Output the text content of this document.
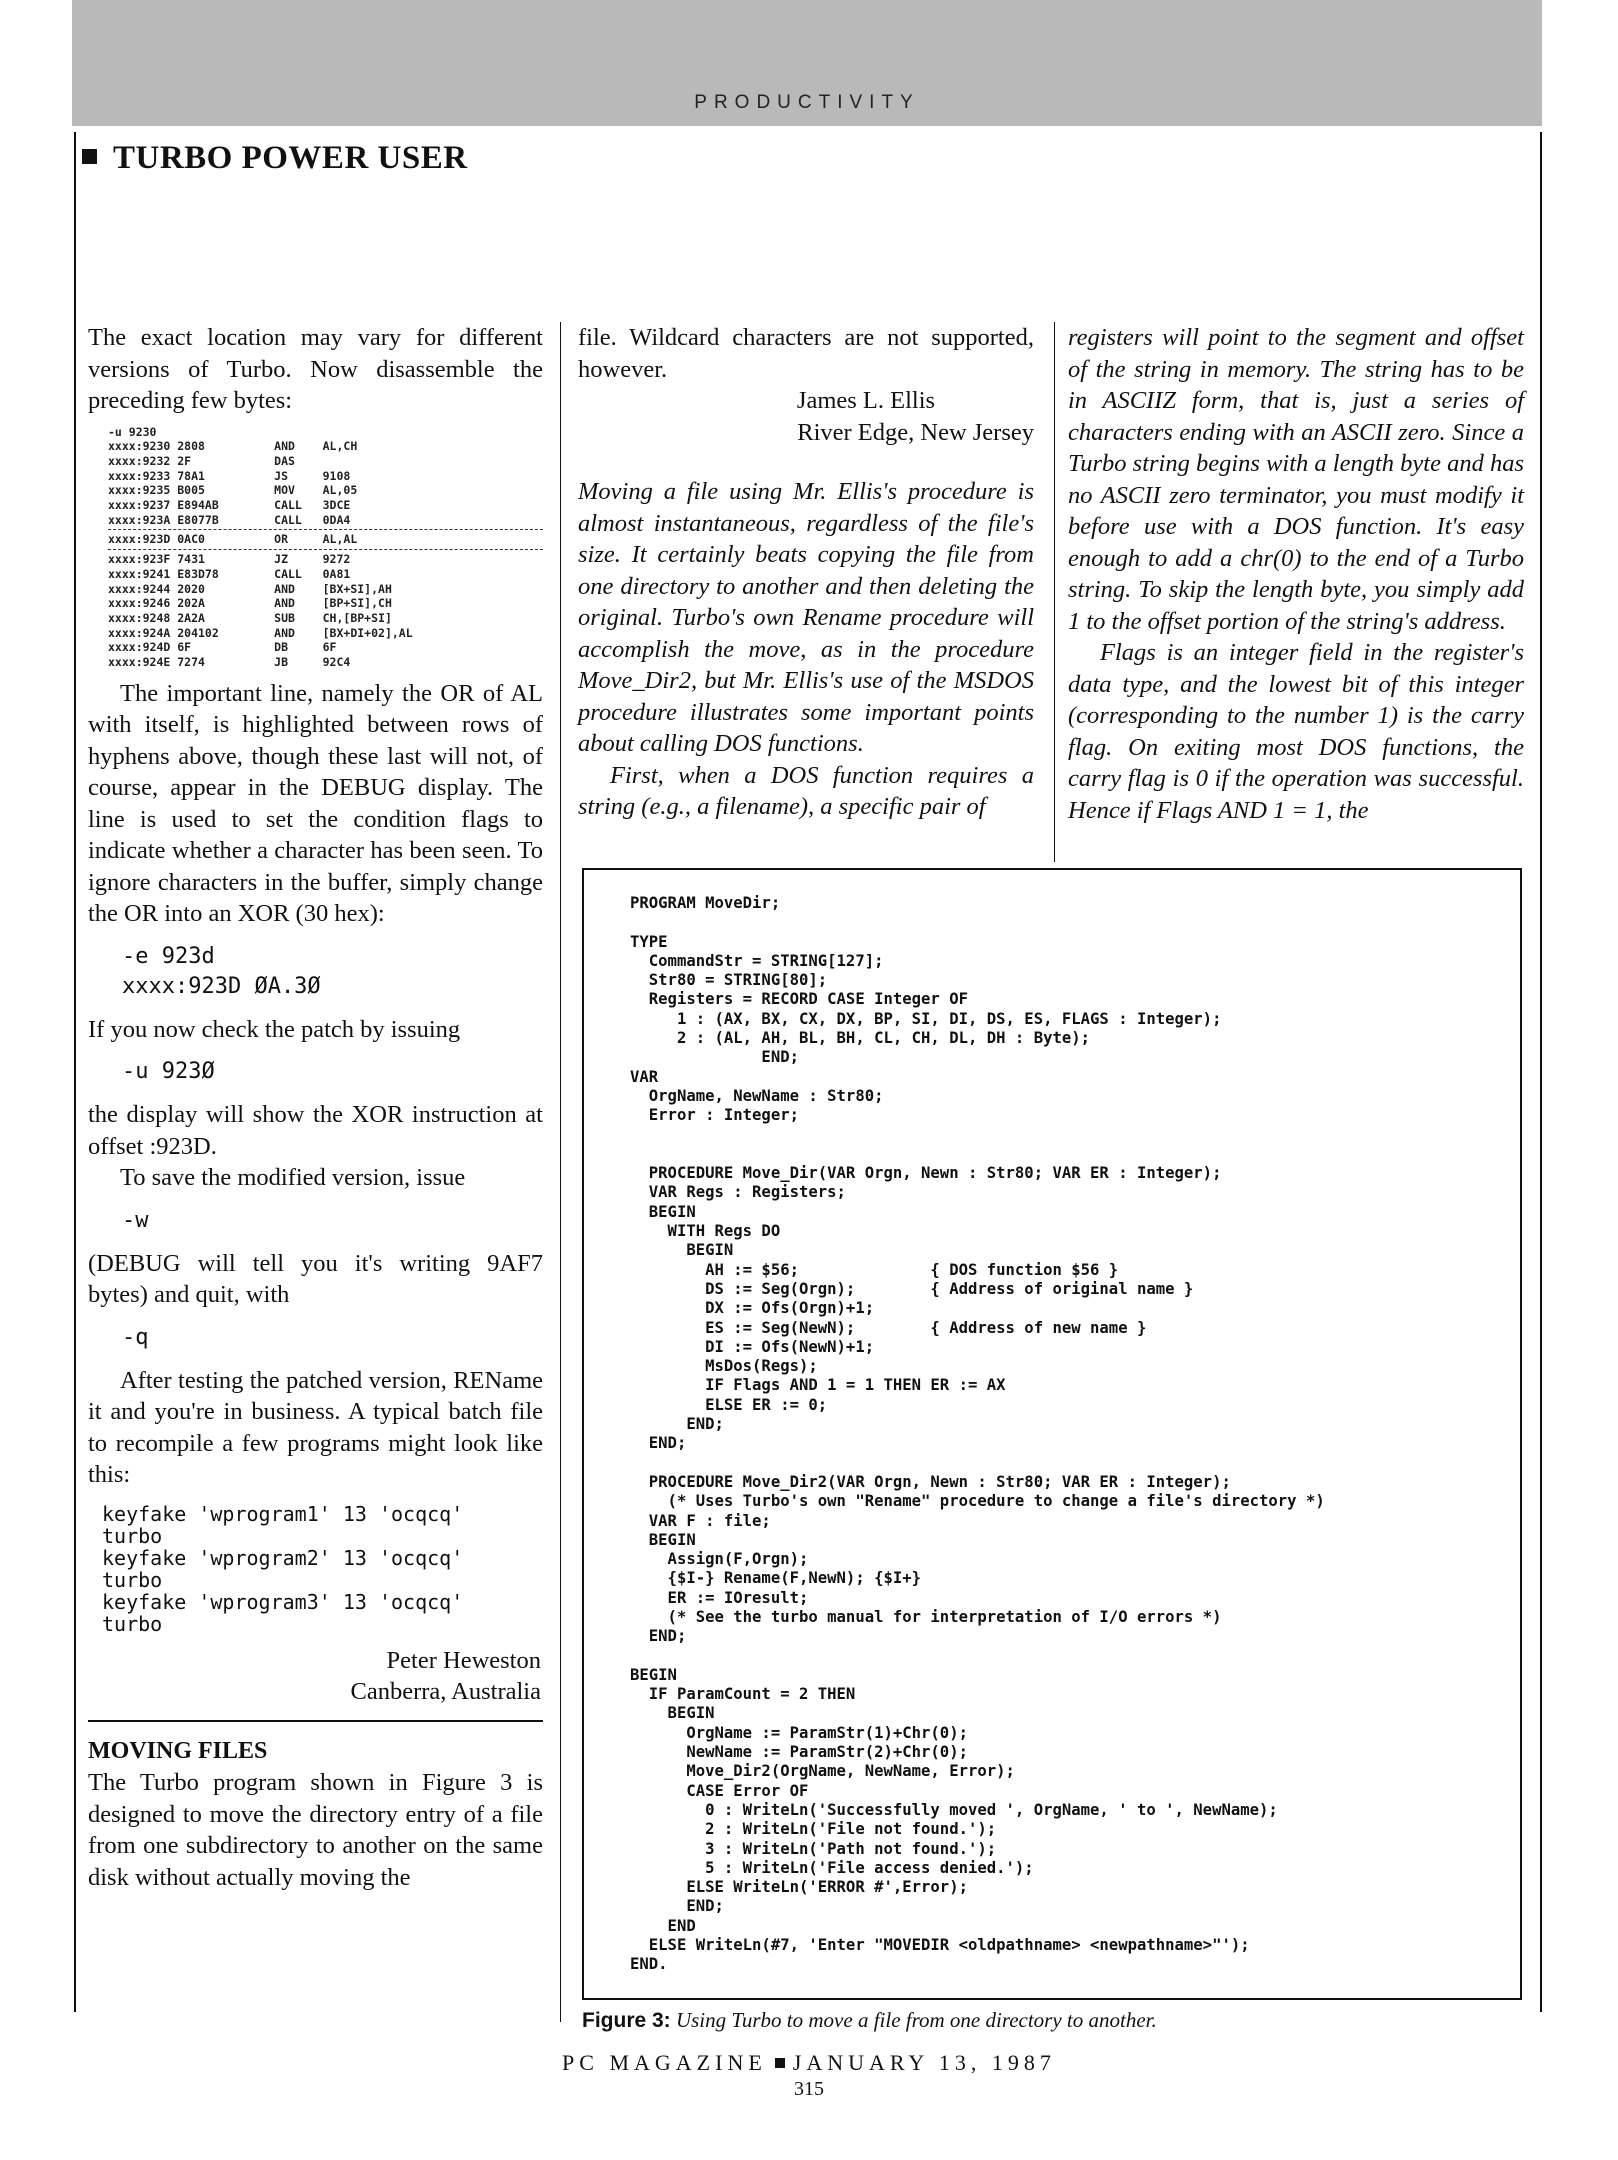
PRODUCTIVITY
TURBO POWER USER

The exact location may vary for different versions of Turbo. Now disassemble the preceding few bytes:

-u 9230
xxxx:9230 2808          AND    AL,CH
xxxx:9232 2F            DAS
xxxx:9233 78A1          JS     9108
xxxx:9235 B005          MOV    AL,05
xxxx:9237 E894AB        CALL   3DCE
xxxx:923A E8077B        CALL   0DA4
xxxx:923D 0AC0          OR     AL,AL
xxxx:923F 7431          JZ     9272
xxxx:9241 E83D78        CALL   0A81
xxxx:9244 2020          AND    [BX+SI],AH
xxxx:9246 202A          AND    [BP+SI],CH
xxxx:9248 2A2A          SUB    CH,[BP+SI]
xxxx:924A 204102        AND    [BX+DI+02],AL
xxxx:924D 6F            DB     6F
xxxx:924E 7274          JB     92C4

The important line, namely the OR of AL with itself, is highlighted between rows of hyphens above, though these last will not, of course, appear in the DEBUG display. The line is used to set the condition flags to indicate whether a character has been seen. To ignore characters in the buffer, simply change the OR into an XOR (30 hex):

-e 923d
xxxx:923D ØA.3Ø

If you now check the patch by issuing

-u 923Ø

the display will show the XOR instruction at offset :923D.

To save the modified version, issue

-w

(DEBUG will tell you it's writing 9AF7 bytes) and quit, with

-q

After testing the patched version, REName it and you're in business. A typical batch file to recompile a few programs might look like this:

keyfake 'wprogram1' 13 'ocqcq'
turbo
keyfake 'wprogram2' 13 'ocqcq'
turbo
keyfake 'wprogram3' 13 'ocqcq'
turbo

Peter Heweston

Canberra, Australia

MOVING FILES

The Turbo program shown in Figure 3 is designed to move the directory entry of a file from one subdirectory to another on the same disk without actually moving the

file. Wildcard characters are not supported, however.

James L. Ellis

River Edge, New Jersey

Moving a file using Mr. Ellis's procedure is almost instantaneous, regardless of the file's size. It certainly beats copying the file from one directory to another and then deleting the original. Turbo's own Rename procedure will accomplish the move, as in the procedure Move_Dir2, but Mr. Ellis's use of the MSDOS procedure illustrates some important points about calling DOS functions.

First, when a DOS function requires a string (e.g., a filename), a specific pair of

registers will point to the segment and offset of the string in memory. The string has to be in ASCIIZ form, that is, just a series of characters ending with an ASCII zero. Since a Turbo string begins with a length byte and has no ASCII zero terminator, you must modify it before use with a DOS function. It's easy enough to add a chr(0) to the end of a Turbo string. To skip the length byte, you simply add 1 to the offset portion of the string's address.

Flags is an integer field in the register's data type, and the lowest bit of this integer (corresponding to the number 1) is the carry flag. On exiting most DOS functions, the carry flag is 0 if the operation was successful. Hence if Flags AND 1 = 1, the

PROGRAM MoveDir;

TYPE
CommandStr = STRING[127];
Str80 = STRING[80];
Registers = RECORD CASE Integer OF
1 : (AX, BX, CX, DX, BP, SI, DI, DS, ES, FLAGS : Integer);
2 : (AL, AH, BL, BH, CL, CH, DL, DH : Byte);
END;
VAR
OrgName, NewName : Str80;
Error : Integer;

PROCEDURE Move_Dir(VAR Orgn, Newn : Str80; VAR ER : Integer);
VAR Regs : Registers;
BEGIN
WITH Regs DO
BEGIN
AH := $56;              { DOS function $56 }
DS := Seg(Orgn);        { Address of original name }
DX := Ofs(Orgn)+1;
ES := Seg(NewN);        { Address of new name }
DI := Ofs(NewN)+1;
MsDos(Regs);
IF Flags AND 1 = 1 THEN ER := AX
ELSE ER := 0;
END;
END;

PROCEDURE Move_Dir2(VAR Orgn, Newn : Str80; VAR ER : Integer);
(* Uses Turbo's own "Rename" procedure to change a file's directory *)
VAR F : file;
BEGIN
Assign(F,Orgn);
{$I-} Rename(F,NewN); {$I+}
ER := IOresult;
(* See the turbo manual for interpretation of I/O errors *)
END;

BEGIN
IF ParamCount = 2 THEN
BEGIN
OrgName := ParamStr(1)+Chr(0);
NewName := ParamStr(2)+Chr(0);
Move_Dir2(OrgName, NewName, Error);
CASE Error OF
0 : WriteLn('Successfully moved ', OrgName, ' to ', NewName);
2 : WriteLn('File not found.');
3 : WriteLn('Path not found.');
5 : WriteLn('File access denied.');
ELSE WriteLn('ERROR #',Error);
END;
END
ELSE WriteLn(#7, 'Enter "MOVEDIR <oldpathname> <newpathname>"');
END.
Figure 3: Using Turbo to move a file from one directory to another.
PC MAGAZINE JANUARY 13, 1987
315
